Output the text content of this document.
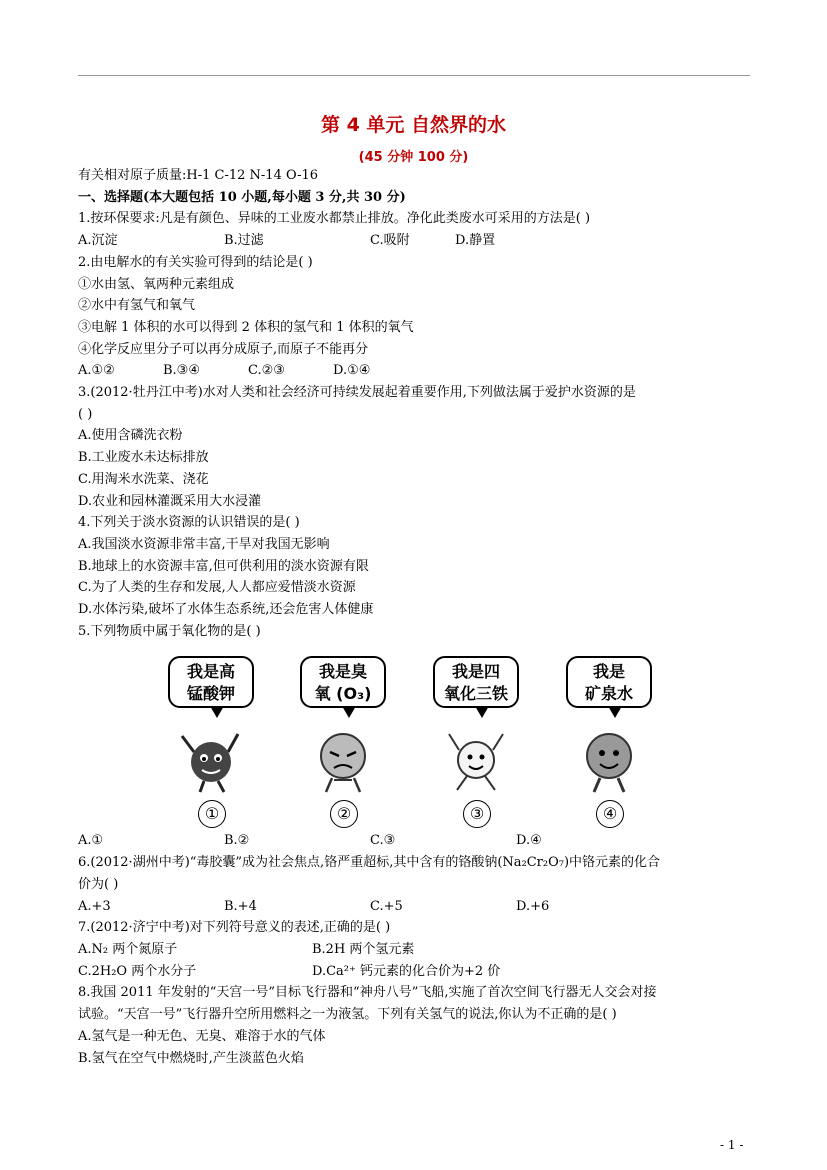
第 4 单元 自然界的水
(45 分钟 100 分)
有关相对原子质量:H-1 C-12 N-14 O-16
一、选择题(本大题包括 10 小题,每小题 3 分,共 30 分)
1.按环保要求:凡是有颜色、异味的工业废水都禁止排放。净化此类废水可采用的方法是( )
A.沉淀	B.过滤	C.吸附	D.静置
2.由电解水的有关实验可得到的结论是( )
①水由氢、氧两种元素组成
②水中有氢气和氧气
③电解 1 体积的水可以得到 2 体积的氢气和 1 体积的氧气
④化学反应里分子可以再分成原子,而原子不能再分
A.①②	B.③④	C.②③	D.①④
3.(2012·牡丹江中考)水对人类和社会经济可持续发展起着重要作用,下列做法属于爱护水资源的是
( )
A.使用含磷洗衣粉
B.工业废水未达标排放
C.用淘米水洗菜、浇花
D.农业和园林灌溉采用大水浸灌
4.下列关于淡水资源的认识错误的是( )
A.我国淡水资源非常丰富,干旱对我国无影响
B.地球上的水资源丰富,但可供利用的淡水资源有限
C.为了人类的生存和发展,人人都应爱惜淡水资源
D.水体污染,破坏了水体生态系统,还会危害人体健康
5.下列物质中属于氧化物的是( )
我是高
锰酸钾
①
我是臭
氧 (O₃)
②
我是四
氧化三铁
③
我是
矿泉水
④
A.①	B.②	C.③	D.④
6.(2012·湖州中考)“毒胶囊”成为社会焦点,铬严重超标,其中含有的铬酸钠(Na₂Cr₂O₇)中铬元素的化合
价为( )
A.+3	B.+4	C.+5	D.+6
7.(2012·济宁中考)对下列符号意义的表述,正确的是( )
A.N₂ 两个氮原子	B.2H 两个氢元素
C.2H₂O 两个水分子	D.Ca²⁺ 钙元素的化合价为+2 价
8.我国 2011 年发射的“天宫一号”目标飞行器和“神舟八号”飞船,实施了首次空间飞行器无人交会对接
试验。“天宫一号”飞行器升空所用燃料之一为液氢。下列有关氢气的说法,你认为不正确的是( )
A.氢气是一种无色、无臭、难溶于水的气体
B.氢气在空气中燃烧时,产生淡蓝色火焰
- 1 -
